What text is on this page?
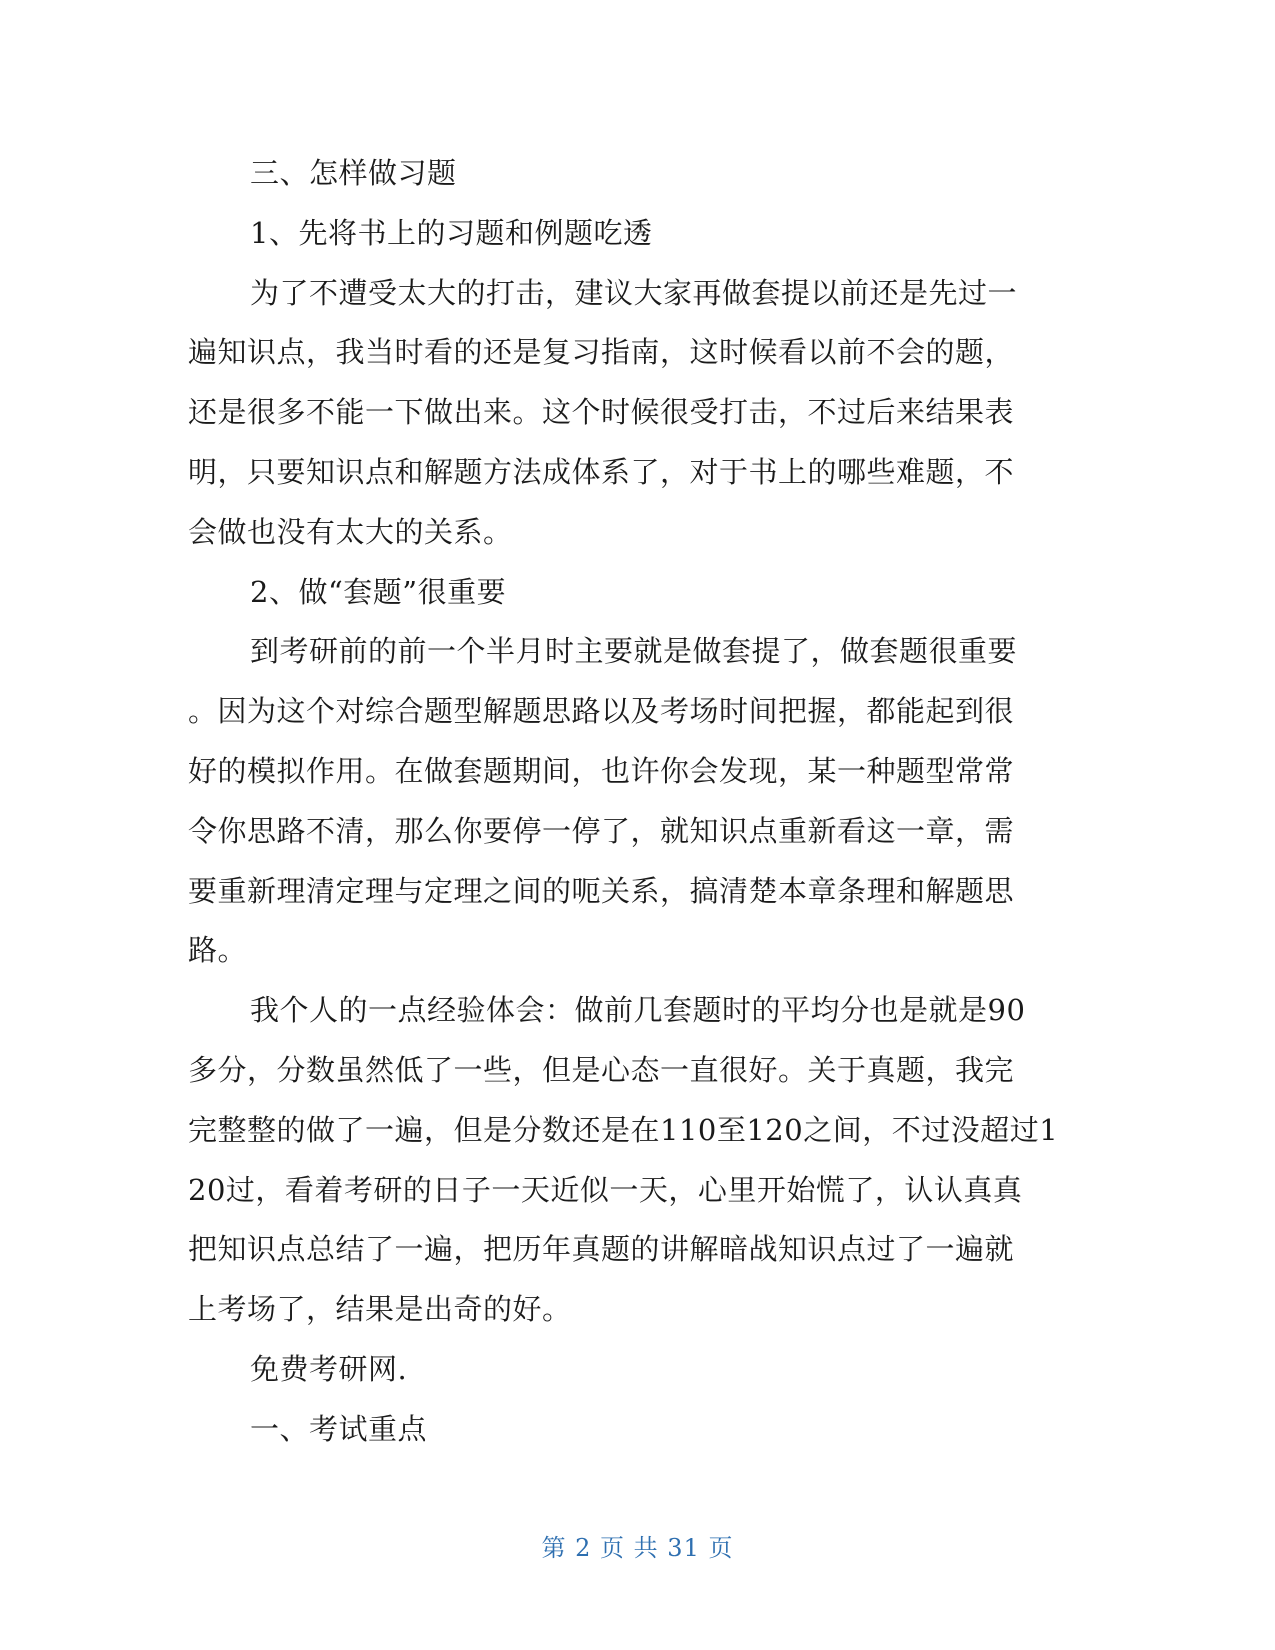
三、怎样做习题
1、先将书上的习题和例题吃透
为了不遭受太大的打击，建议大家再做套提以前还是先过一
遍知识点，我当时看的还是复习指南，这时候看以前不会的题，
还是很多不能一下做出来。这个时候很受打击，不过后来结果表
明，只要知识点和解题方法成体系了，对于书上的哪些难题，不
会做也没有太大的关系。
2、做“套题”很重要
到考研前的前一个半月时主要就是做套提了，做套题很重要
。因为这个对综合题型解题思路以及考场时间把握，都能起到很
好的模拟作用。在做套题期间，也许你会发现，某一种题型常常
令你思路不清，那么你要停一停了，就知识点重新看这一章，需
要重新理清定理与定理之间的呃关系，搞清楚本章条理和解题思
路。
我个人的一点经验体会：做前几套题时的平均分也是就是90
多分，分数虽然低了一些，但是心态一直很好。关于真题，我完
完整整的做了一遍，但是分数还是在110至120之间，不过没超过1
20过，看着考研的日子一天近似一天，心里开始慌了，认认真真
把知识点总结了一遍，把历年真题的讲解暗战知识点过了一遍就
上考场了，结果是出奇的好。
免费考研网.
一、考试重点
第 2 页 共 31 页
